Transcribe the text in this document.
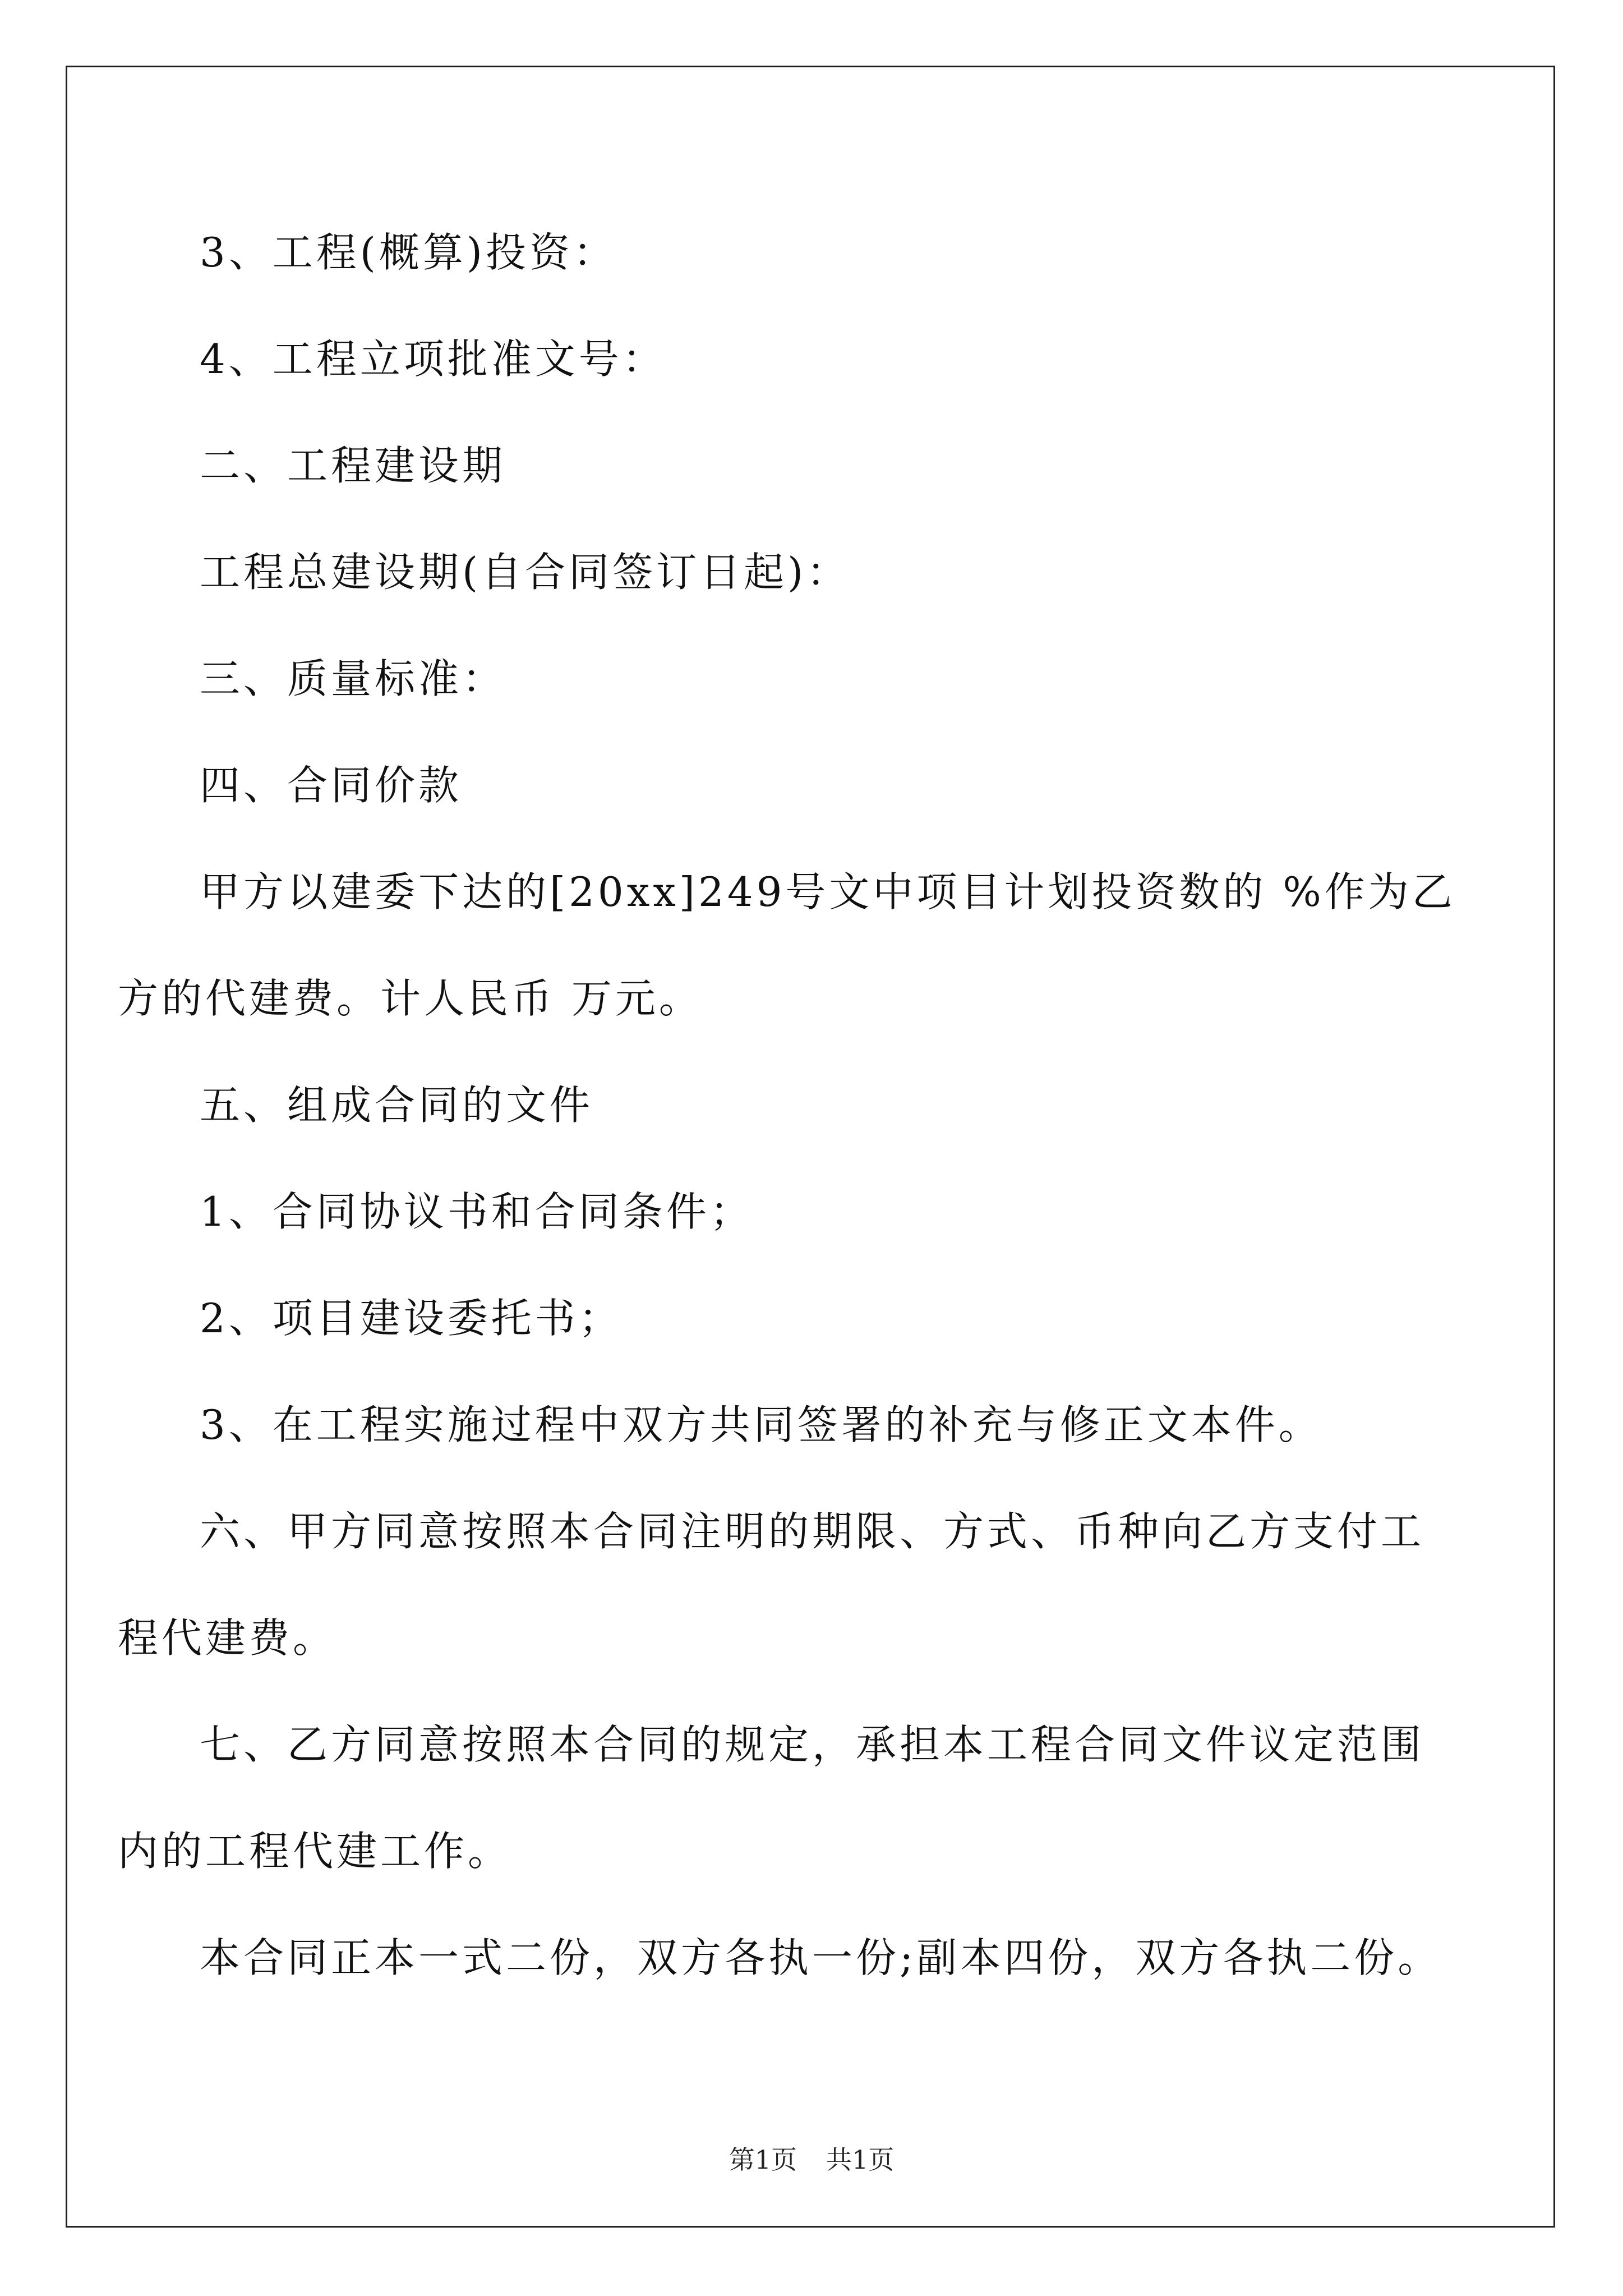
3、工程(概算)投资：
4、工程立项批准文号：
二、工程建设期
工程总建设期(自合同签订日起)：
三、质量标准：
四、合同价款
甲方以建委下达的[20xx]249号文中项目计划投资数的 %作为乙
方的代建费。计人民币 万元。
五、组成合同的文件
1、合同协议书和合同条件；
2、项目建设委托书；
3、在工程实施过程中双方共同签署的补充与修正文本件。
六、甲方同意按照本合同注明的期限、方式、币种向乙方支付工
程代建费。
七、乙方同意按照本合同的规定，承担本工程合同文件议定范围
内的工程代建工作。
本合同正本一式二份，双方各执一份;副本四份，双方各执二份。
第1页 共1页
